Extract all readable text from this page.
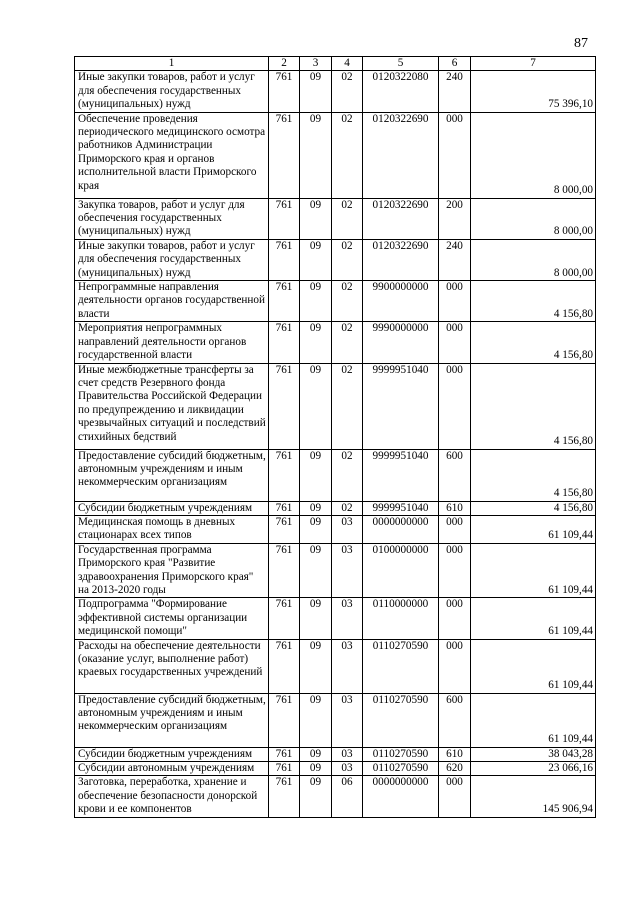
87
1	2	3	4	5	6	7
Иные закупки товаров, работ и услуг для обеспечения государственных (муниципальных) нужд	761	09	02	0120322080	240	75 396,10
Обеспечение проведения периодического медицинского осмотра работников Администрации Приморского края и органов исполнительной власти Приморского края	761	09	02	0120322690	000	8 000,00
Закупка товаров, работ и услуг для обеспечения государственных (муниципальных) нужд	761	09	02	0120322690	200	8 000,00
Иные закупки товаров, работ и услуг для обеспечения государственных (муниципальных) нужд	761	09	02	0120322690	240	8 000,00
Непрограммные направления деятельности органов государственной власти	761	09	02	9900000000	000	4 156,80
Мероприятия непрограммных направлений деятельности органов государственной власти	761	09	02	9990000000	000	4 156,80
Иные межбюджетные трансферты за счет средств Резервного фонда Правительства Российской Федерации по предупреждению и ликвидации чрезвычайных ситуаций и последствий стихийных бедствий	761	09	02	9999951040	000	4 156,80
Предоставление субсидий бюджетным, автономным учреждениям и иным некоммерческим организациям	761	09	02	9999951040	600	4 156,80
Субсидии бюджетным учреждениям	761	09	02	9999951040	610	4 156,80
Медицинская помощь в дневных стационарах всех типов	761	09	03	0000000000	000	61 109,44
Государственная программа Приморского края "Развитие здравоохранения Приморского края" на 2013-2020 годы	761	09	03	0100000000	000	61 109,44
Подпрограмма "Формирование эффективной системы организации медицинской помощи"	761	09	03	0110000000	000	61 109,44
Расходы на обеспечение деятельности (оказание услуг, выполнение работ) краевых государственных учреждений	761	09	03	0110270590	000	61 109,44
Предоставление субсидий бюджетным, автономным учреждениям и иным некоммерческим организациям	761	09	03	0110270590	600	61 109,44
Субсидии бюджетным учреждениям	761	09	03	0110270590	610	38 043,28
Субсидии автономным учреждениям	761	09	03	0110270590	620	23 066,16
Заготовка, переработка, хранение и обеспечение безопасности донорской крови и ее компонентов	761	09	06	0000000000	000	145 906,94
